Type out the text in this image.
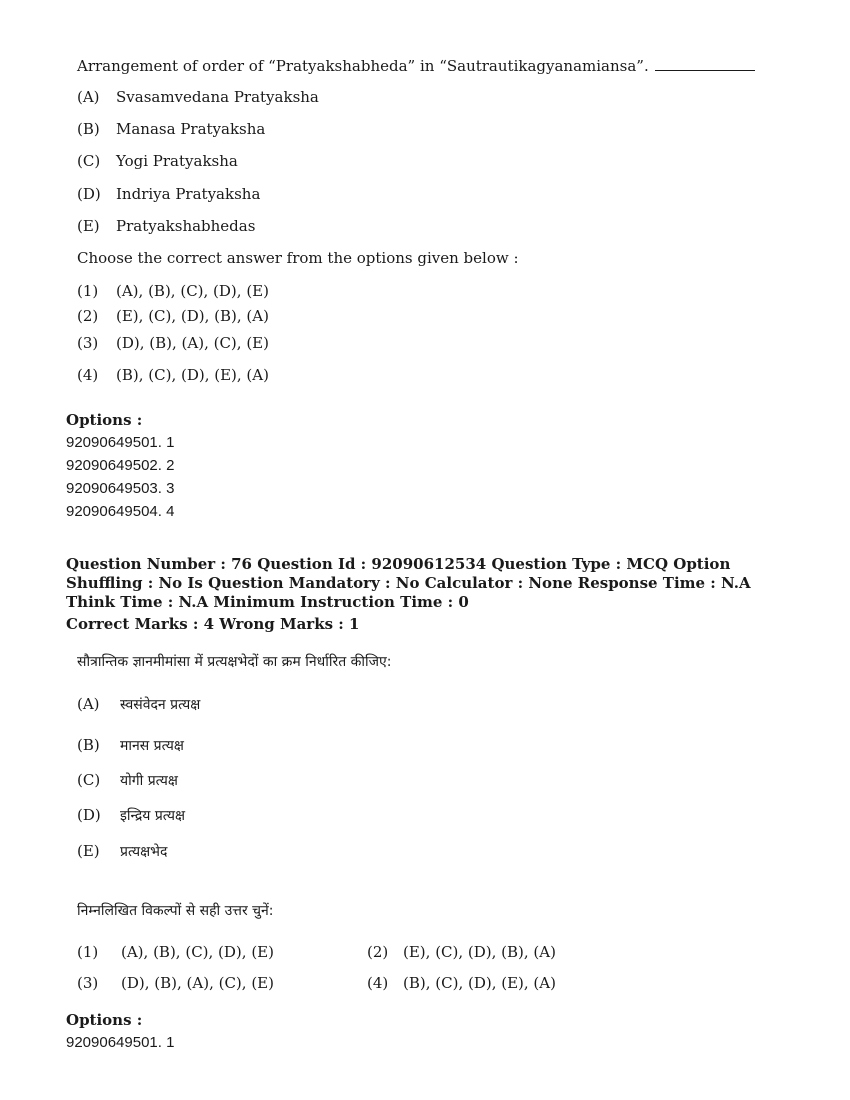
Arrangement of order of “Pratyakshabheda” in “Sautrautikagyanamiansa”.
(A) Svasamvedana Pratyaksha
(B) Manasa Pratyaksha
(C) Yogi Pratyaksha
(D) Indriya Pratyaksha
(E) Pratyakshabhedas
Choose the correct answer from the options given below :
(1) (A), (B), (C), (D), (E)
(2) (E), (C), (D), (B), (A)
(3) (D), (B), (A), (C), (E)
(4) (B), (C), (D), (E), (A)
Options :
92090649501. 1
92090649502. 2
92090649503. 3
92090649504. 4
Question Number : 76 Question Id : 92090612534 Question Type : MCQ Option Shuffling : No Is Question Mandatory : No Calculator : None Response Time : N.A Think Time : N.A Minimum Instruction Time : 0
Correct Marks : 4 Wrong Marks : 1
सौत्रान्तिक ज्ञानमीमांसा में प्रत्यक्षभेदों का क्रम निर्धारित कीजिए:
(A) स्वसंवेदन प्रत्यक्ष
(B) मानस प्रत्यक्ष
(C) योगी प्रत्यक्ष
(D) इन्द्रिय प्रत्यक्ष
(E) प्रत्यक्षभेद
निम्नलिखित विकल्पों से सही उत्तर चुनें:
(1) (A), (B), (C), (D), (E)	(2) (E), (C), (D), (B), (A)
(3) (D), (B), (A), (C), (E)	(4) (B), (C), (D), (E), (A)
Options :
92090649501. 1
